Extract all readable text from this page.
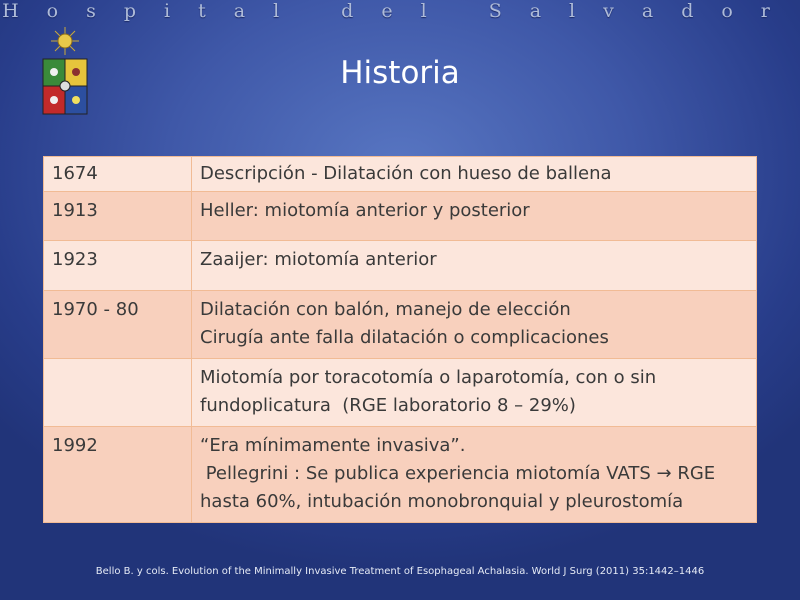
Hospital del Salvador
Historia
1674	Descripción - Dilatación con hueso de ballena

1913	Heller: miotomía anterior y posterior

1923	Zaaijer: miotomía anterior

1970 - 80	Dilatación con balón, manejo de elección
Cirugía ante falla dilatación o complicaciones

	Miotomía por toracotomía o laparotomía, con o sin
fundoplicatura  (RGE laboratorio 8 – 29%)

1992	“Era mínimamente invasiva”.
Pellegrini : Se publica experiencia miotomía VATS → RGE
hasta 60%, intubación monobronquial y pleurostomía
Bello B. y cols. Evolution of the Minimally Invasive Treatment of Esophageal Achalasia. World J Surg (2011) 35:1442–1446
